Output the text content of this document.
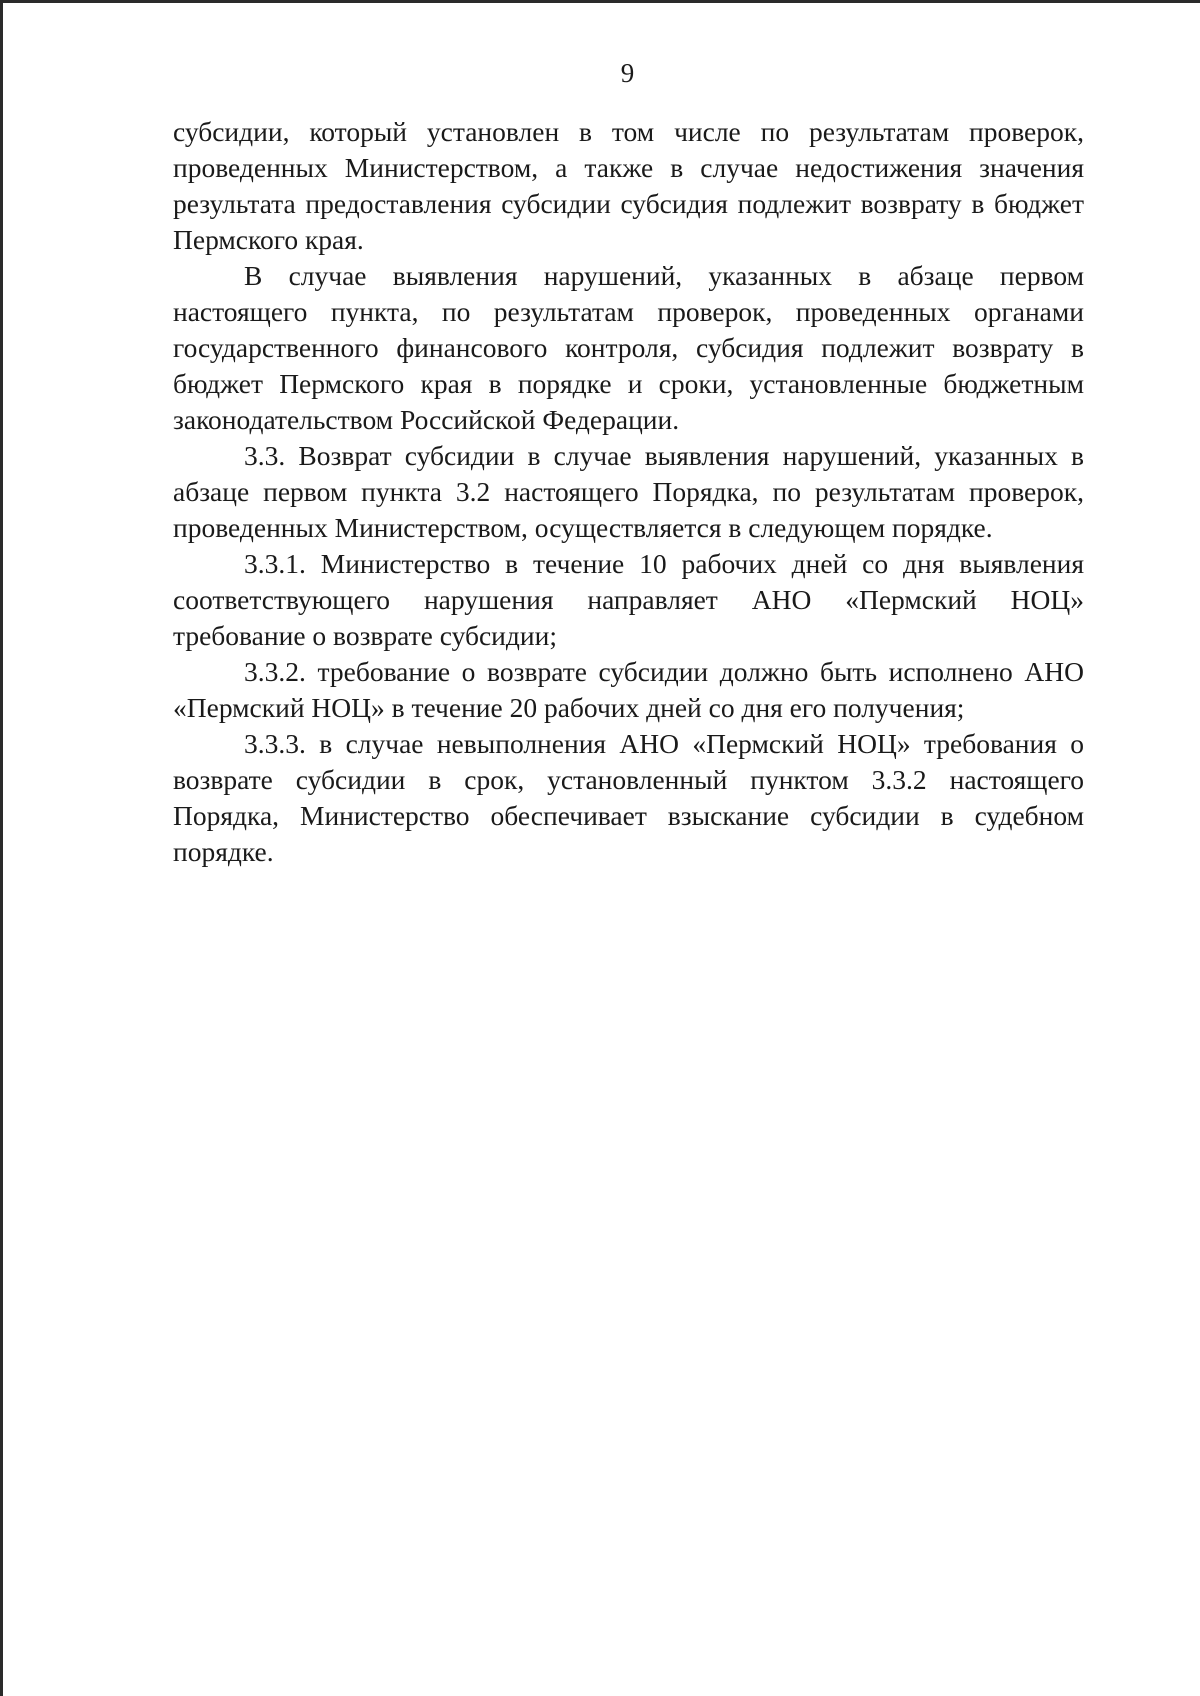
9

субсидии, который установлен в том числе по результатам проверок, проведенных Министерством, а также в случае недостижения значения результата предоставления субсидии субсидия подлежит возврату в бюджет Пермского края.

В случае выявления нарушений, указанных в абзаце первом настоящего пункта, по результатам проверок, проведенных органами государственного финансового контроля, субсидия подлежит возврату в бюджет Пермского края в порядке и сроки, установленные бюджетным законодательством Российской Федерации.

3.3. Возврат субсидии в случае выявления нарушений, указанных в абзаце первом пункта 3.2 настоящего Порядка, по результатам проверок, проведенных Министерством, осуществляется в следующем порядке.

3.3.1. Министерство в течение 10 рабочих дней со дня выявления соответствующего нарушения направляет АНО «Пермский НОЦ» требование о возврате субсидии;

3.3.2. требование о возврате субсидии должно быть исполнено АНО «Пермский НОЦ» в течение 20 рабочих дней со дня его получения;

3.3.3. в случае невыполнения АНО «Пермский НОЦ» требования о возврате субсидии в срок, установленный пунктом 3.3.2 настоящего Порядка, Министерство обеспечивает взыскание субсидии в судебном порядке.
